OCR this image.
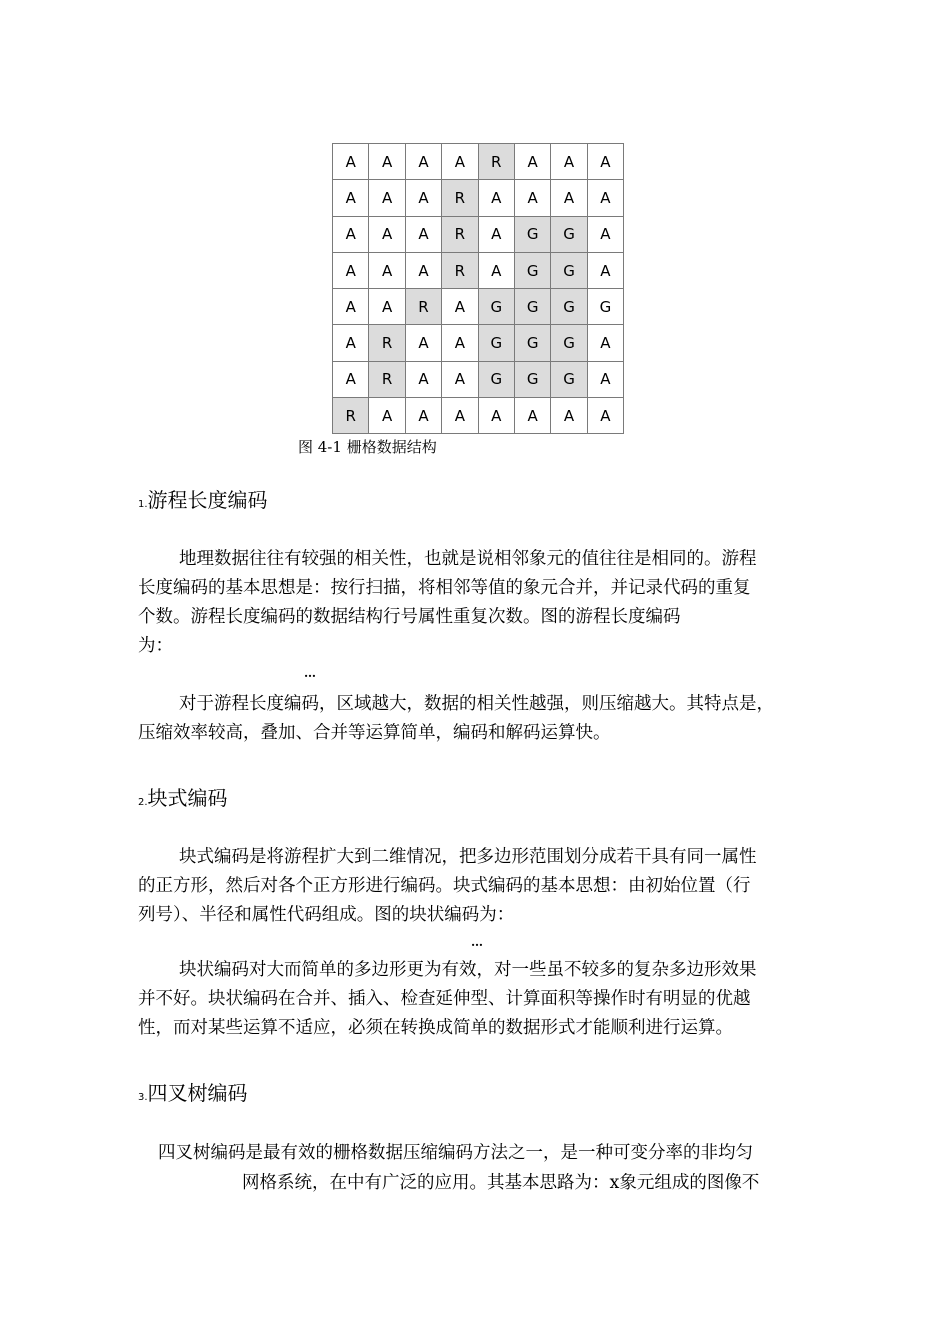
A	A	A	A	R	A	A	A
A	A	A	R	A	A	A	A
A	A	A	R	A	G	G	A
A	A	A	R	A	G	G	A
A	A	R	A	G	G	G	G
A	R	A	A	G	G	G	A
A	R	A	A	G	G	G	A
R	A	A	A	A	A	A	A
图 4-1 栅格数据结构
1.游程长度编码
地理数据往往有较强的相关性，也就是说相邻象元的值往往是相同的。游程
长度编码的基本思想是：按行扫描，将相邻等值的象元合并，并记录代码的重复
个数。游程长度编码的数据结构行号属性重复次数。图的游程长度编码
为：
…
对于游程长度编码，区域越大，数据的相关性越强，则压缩越大。其特点是，
压缩效率较高，叠加、合并等运算简单，编码和解码运算快。
2.块式编码
块式编码是将游程扩大到二维情况，把多边形范围划分成若干具有同一属性
的正方形，然后对各个正方形进行编码。块式编码的基本思想：由初始位置（行
列号）、半径和属性代码组成。图的块状编码为：
…
块状编码对大而简单的多边形更为有效，对一些虽不较多的复杂多边形效果
并不好。块状编码在合并、插入、检查延伸型、计算面积等操作时有明显的优越
性，而对某些运算不适应，必须在转换成简单的数据形式才能顺利进行运算。
3.四叉树编码
四叉树编码是最有效的栅格数据压缩编码方法之一，是一种可变分率的非均匀
网格系统，在中有广泛的应用。其基本思路为：x象元组成的图像不
